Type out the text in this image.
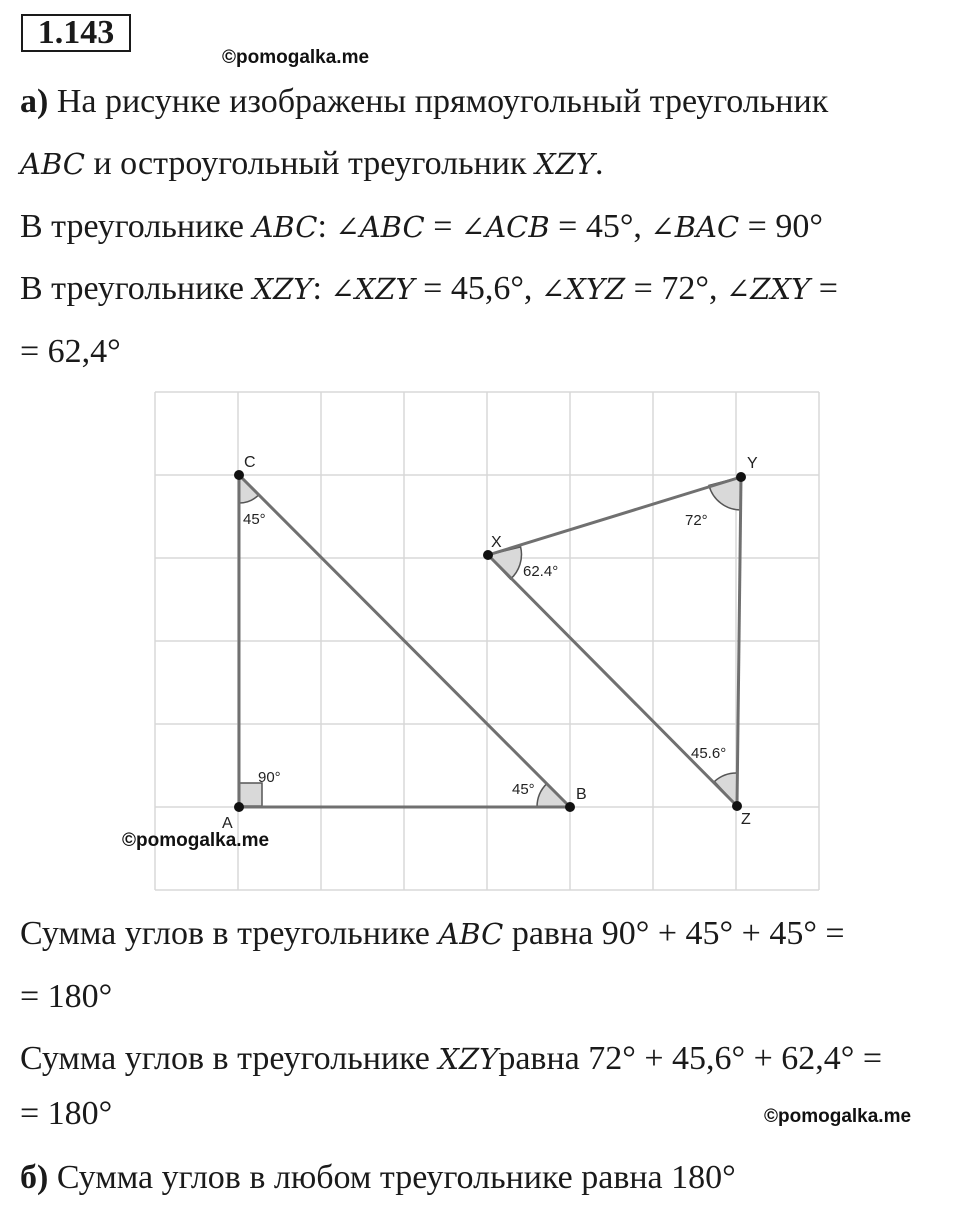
1.143
©pomogalka.me
а) На рисунке изображены прямоугольный треугольник
ABC и остроугольный треугольник XZY.
В треугольнике ABC: ∠ABC = ∠ACB = 45°, ∠BAC = 90°
В треугольнике XZY: ∠XZY = 45,6°, ∠XYZ = 72°, ∠ZXY =
= 62,4°
A
B
C
X
Y
Z
90°
45°
45°
62.4°
72°
45.6°
©pomogalka.me
Сумма углов в треугольнике ABC равна 90° + 45° + 45° =
= 180°
Сумма углов в треугольнике XZYравна 72° + 45,6° + 62,4° =
= 180°	©pomogalka.me
б) Сумма углов в любом треугольнике равна 180°
